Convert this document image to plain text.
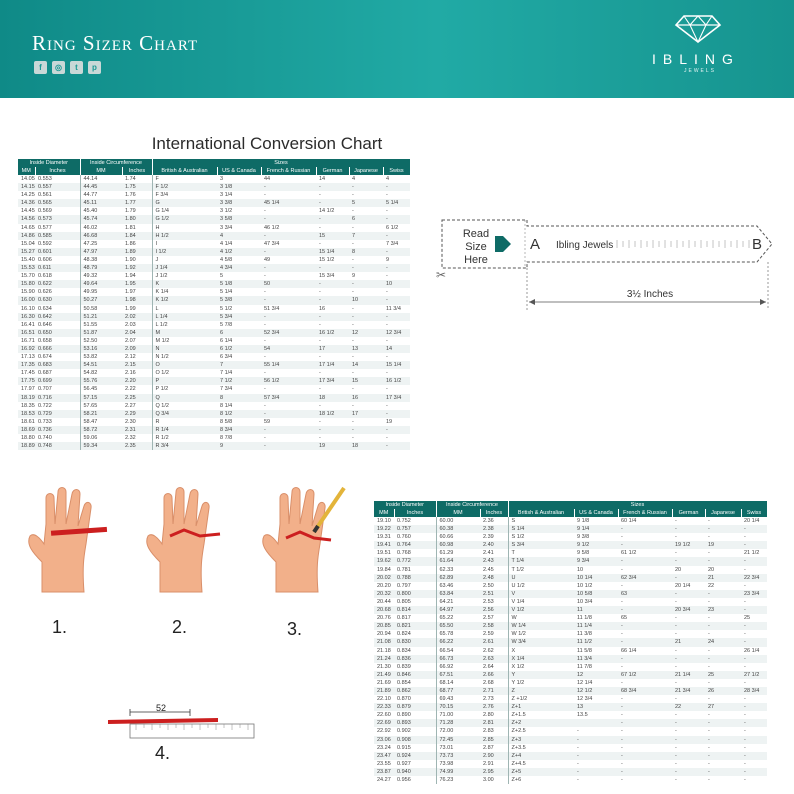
Ring Sizer Chart
f	◎	t	p
IBLING
JEWELS
International Conversion Chart
Inside Diameter		Inside Circumference		Sizes					
MM	Inches	MM	Inches	British & Australian	US & Canada	French & Russian	German	Japanese	Swiss
14.05	0.553	44.14	1.74	F	3	44	14	4	4
14.15	0.557	44.45	1.75	F 1/2	3 1/8	-	-	-	-
14.25	0.561	44.77	1.76	F 3/4	3 1/4	-	-	-	-
14.36	0.565	45.11	1.77	G	3 3/8	45 1/4	-	5	5 1/4
14.45	0.569	45.40	1.79	G 1/4	3 1/2	-	14 1/2	-	-
14.56	0.573	45.74	1.80	G 1/2	3 5/8	-	-	6	-
14.65	0.577	46.02	1.81	H	3 3/4	46 1/2	-	-	6 1/2
14.86	0.585	46.68	1.84	H 1/2	4	-	15	7	-
15.04	0.592	47.25	1.86	I	4 1/4	47 3/4	-	-	7 3/4
15.27	0.601	47.97	1.89	I 1/2	4 1/2	-	15 1/4	8	-
15.40	0.606	48.38	1.90	J	4 5/8	49	15 1/2	-	9
15.53	0.611	48.79	1.92	J 1/4	4 3/4	-	-	-	-
15.70	0.618	49.32	1.94	J 1/2	5	-	15 3/4	9	-
15.80	0.622	49.64	1.95	K	5 1/8	50	-	-	10
15.90	0.626	49.95	1.97	K 1/4	5 1/4	-	-	-	-
16.00	0.630	50.27	1.98	K 1/2	5 3/8	-	-	10	-
16.10	0.634	50.58	1.99	L	5 1/2	51 3/4	16	-	11 3/4
16.30	0.642	51.21	2.02	L 1/4	5 3/4	-	-	-	-
16.41	0.646	51.55	2.03	L 1/2	5 7/8	-	-	-	-
16.51	0.650	51.87	2.04	M	6	52 3/4	16 1/2	12	12 3/4
16.71	0.658	52.50	2.07	M 1/2	6 1/4	-	-	-	-
16.92	0.666	53.16	2.09	N	6 1/2	54	17	13	14
17.13	0.674	53.82	2.12	N 1/2	6 3/4	-	-	-	-
17.35	0.683	54.51	2.15	O	7	55 1/4	17 1/4	14	15 1/4
17.45	0.687	54.82	2.16	O 1/2	7 1/4	-	-	-	-
17.75	0.699	55.76	2.20	P	7 1/2	56 1/2	17 3/4	15	16 1/2
17.97	0.707	56.45	2.22	P 1/2	7 3/4	-	-	-	-
18.19	0.716	57.15	2.25	Q	8	57 3/4	18	16	17 3/4
18.35	0.722	57.65	2.27	Q 1/2	8 1/4	-	-	-	-
18.53	0.729	58.21	2.29	Q 3/4	8 1/2	-	18 1/2	17	-
18.61	0.733	58.47	2.30	R	8 5/8	59	-	-	19
18.69	0.736	58.72	2.31	R 1/4	8 3/4	-	-	-	-
18.80	0.740	59.06	2.32	R 1/2	8 7/8	-	-	-	-
18.89	0.748	59.34	2.35	R 3/4	9	-	19	18	-
✂
Read Size Here
A Ibling Jewels	B
3½ Inches
1.	2.	3.
52
4.
Inside Diameter		Inside Circumference		Sizes					
MM	Inches	MM	Inches	British & Australian	US & Canada	French & Russian	German	Japanese	Swiss
19.10	0.752	60.00	2.36	S	9 1/8	60 1/4	-	-	20 1/4
19.22	0.757	60.38	2.38	S 1/4	9 1/4	-	-	-	-
19.31	0.760	60.66	2.39	S 1/2	9 3/8	-	-	-	-
19.41	0.764	60.98	2.40	S 3/4	9 1/2	-	19 1/2	19	-
19.51	0.768	61.29	2.41	T	9 5/8	61 1/2	-	-	21 1/2
19.62	0.772	61.64	2.43	T 1/4	9 3/4	-	-	-	-
19.84	0.781	62.33	2.45	T 1/2	10	-	20	20	-
20.02	0.788	62.89	2.48	U	10 1/4	62 3/4	-	21	22 3/4
20.20	0.797	63.46	2.50	U 1/2	10 1/2	-	20 1/4	22	-
20.32	0.800	63.84	2.51	V	10 5/8	63	-	-	23 3/4
20.44	0.805	64.21	2.53	V 1/4	10 3/4	-	-	-	-
20.68	0.814	64.97	2.56	V 1/2	11	-	20 3/4	23	-
20.76	0.817	65.22	2.57	W	11 1/8	65	-	-	25
20.85	0.821	65.50	2.58	W 1/4	11 1/4	-	-	-	-
20.94	0.824	65.78	2.59	W 1/2	11 3/8	-	-	-	-
21.08	0.830	66.22	2.61	W 3/4	11 1/2	-	21	24	-
21.18	0.834	66.54	2.62	X	11 5/8	66 1/4	-	-	26 1/4
21.24	0.836	66.73	2.63	X 1/4	11 3/4	-	-	-	-
21.30	0.839	66.92	2.64	X 1/2	11 7/8	-	-	-	-
21.49	0.846	67.51	2.66	Y	12	67 1/2	21 1/4	25	27 1/2
21.69	0.854	68.14	2.68	Y 1/2	12 1/4	-	-	-	-
21.89	0.862	68.77	2.71	Z	12 1/2	68 3/4	21 3/4	26	28 3/4
22.10	0.870	69.43	2.73	Z +1/2	12 3/4	-	-	-	-
22.33	0.879	70.15	2.76	Z+1	13	-	22	27	-
22.60	0.890	71.00	2.80	Z+1.5	13.5	-	-	-	-
22.69	0.893	71.28	2.81	Z+2		-	-	-	-
22.92	0.902	72.00	2.83	Z+2.5	-	-	-	-	-
23.06	0.908	72.45	2.85	Z+3	-	-	-	-	-
23.24	0.915	73.01	2.87	Z+3.5	-	-	-	-	-
23.47	0.924	73.73	2.90	Z+4	-	-	-	-	-
23.55	0.927	73.98	2.91	Z+4.5	-	-	-	-	-
23.87	0.940	74.99	2.95	Z+5	-	-	-	-	-
24.27	0.956	76.23	3.00	Z+6	-	-	-	-	-
